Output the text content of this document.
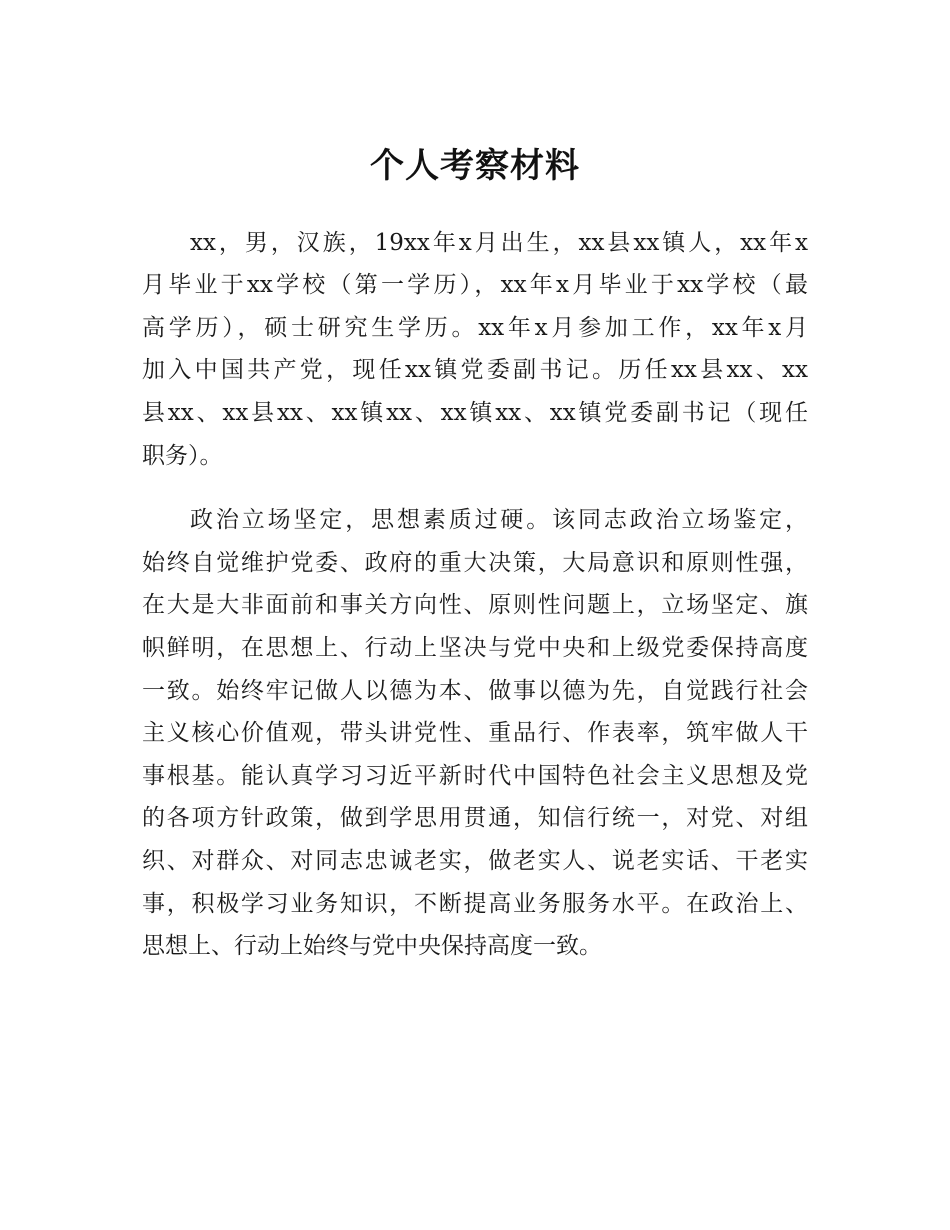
个人考察材料

xx，男，汉族，19xx年x月出生，xx县xx镇人，xx年x

月毕业于xx学校（第一学历），xx年x月毕业于xx学校（最

高学历），硕士研究生学历。xx年x月参加工作，xx年x月

加入中国共产党，现任xx镇党委副书记。历任xx县xx、xx

县xx、xx县xx、xx镇xx、xx镇xx、xx镇党委副书记（现任

职务）。

政治立场坚定，思想素质过硬。该同志政治立场鉴定，

始终自觉维护党委、政府的重大决策，大局意识和原则性强，

在大是大非面前和事关方向性、原则性问题上，立场坚定、旗

帜鲜明，在思想上、行动上坚决与党中央和上级党委保持高度

一致。始终牢记做人以德为本、做事以德为先，自觉践行社会

主义核心价值观，带头讲党性、重品行、作表率，筑牢做人干

事根基。能认真学习习近平新时代中国特色社会主义思想及党

的各项方针政策，做到学思用贯通，知信行统一，对党、对组

织、对群众、对同志忠诚老实，做老实人、说老实话、干老实

事，积极学习业务知识，不断提高业务服务水平。在政治上、

思想上、行动上始终与党中央保持高度一致。
